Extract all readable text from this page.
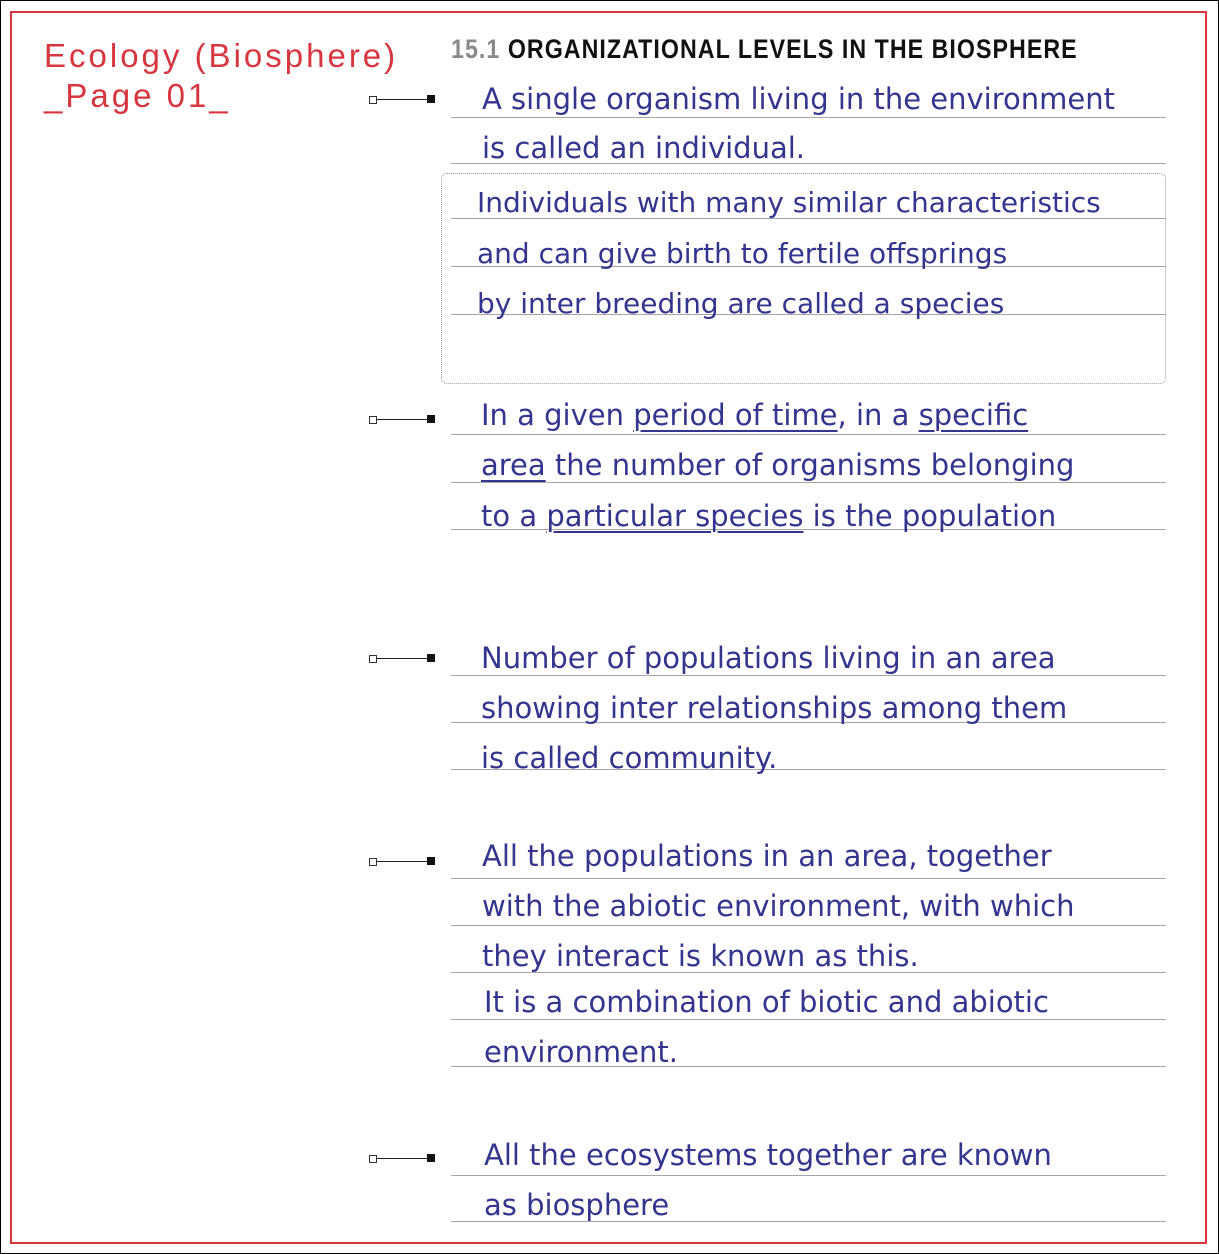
Ecology (Biosphere)
_Page 01_
15.1 ORGANIZATIONAL LEVELS IN THE BIOSPHERE
A single organism living in the environment
is called an individual.
Individuals with many similar characteristics
and can give birth to fertile offsprings
by inter breeding are called a species
In a given period of time, in a specific
area the number of organisms belonging
to a particular species is the population
Number of populations living in an area
showing inter relationships among them
is called community.
All the populations in an area, together
with the abiotic environment, with which
they interact is known as this.
It is a combination of biotic and abiotic
environment.
All the ecosystems together are known
as biosphere
